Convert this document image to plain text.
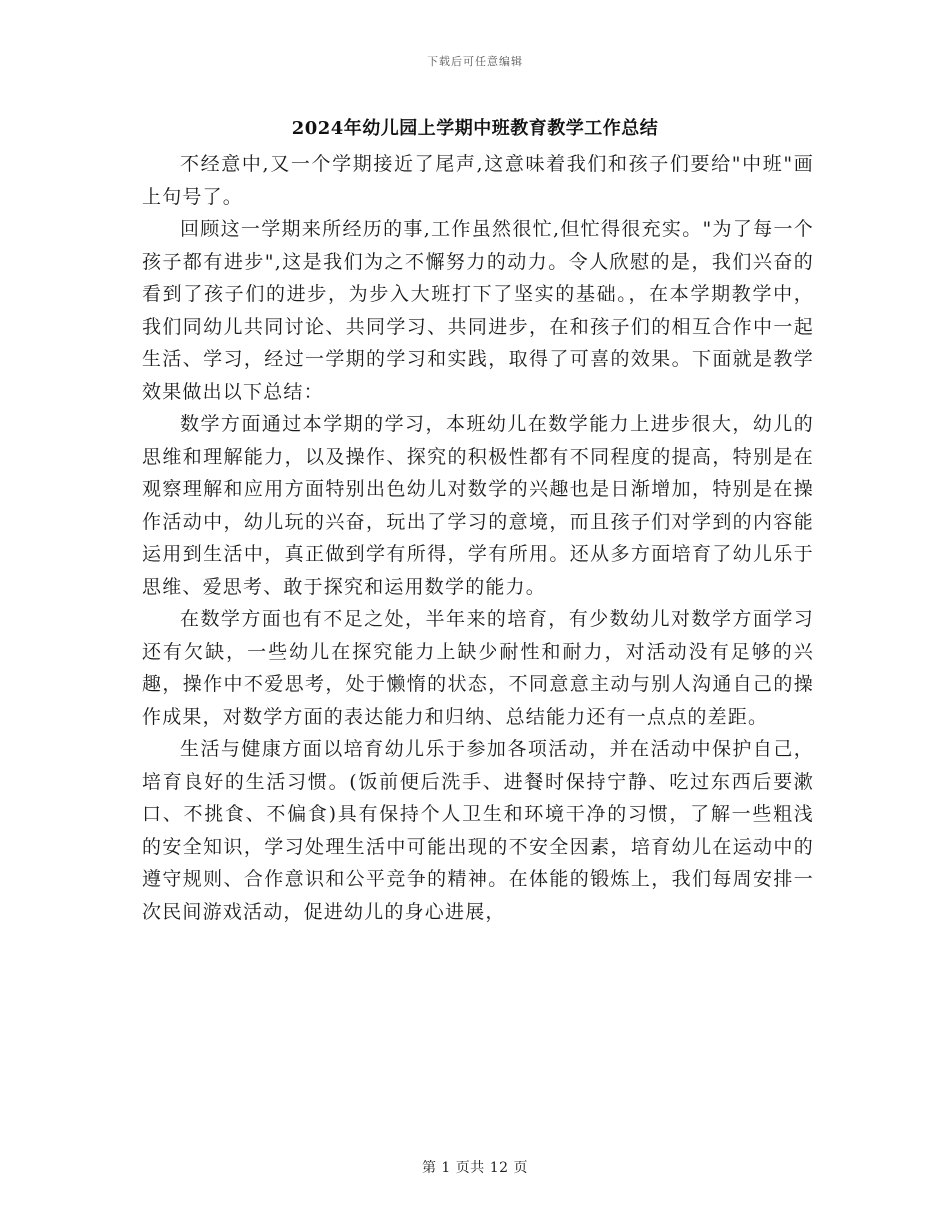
下载后可任意编辑
2024年幼儿园上学期中班教育教学工作总结

不经意中,又一个学期接近了尾声,这意味着我们和孩子们要给"中班"画上句号了。

回顾这一学期来所经历的事,工作虽然很忙,但忙得很充实。"为了每一个孩子都有进步",这是我们为之不懈努力的动力。令人欣慰的是，我们兴奋的看到了孩子们的进步，为步入大班打下了坚实的基础。，在本学期教学中，我们同幼儿共同讨论、共同学习、共同进步，在和孩子们的相互合作中一起生活、学习，经过一学期的学习和实践，取得了可喜的效果。下面就是教学效果做出以下总结：

数学方面通过本学期的学习，本班幼儿在数学能力上进步很大，幼儿的思维和理解能力，以及操作、探究的积极性都有不同程度的提高，特别是在观察理解和应用方面特别出色幼儿对数学的兴趣也是日渐增加，特别是在操作活动中，幼儿玩的兴奋，玩出了学习的意境，而且孩子们对学到的内容能运用到生活中，真正做到学有所得，学有所用。还从多方面培育了幼儿乐于思维、爱思考、敢于探究和运用数学的能力。

在数学方面也有不足之处，半年来的培育，有少数幼儿对数学方面学习还有欠缺，一些幼儿在探究能力上缺少耐性和耐力，对活动没有足够的兴趣，操作中不爱思考，处于懒惰的状态，不同意意主动与别人沟通自己的操作成果，对数学方面的表达能力和归纳、总结能力还有一点点的差距。

生活与健康方面以培育幼儿乐于参加各项活动，并在活动中保护自己，培育良好的生活习惯。(饭前便后洗手、进餐时保持宁静、吃过东西后要漱口、不挑食、不偏食)具有保持个人卫生和环境干净的习惯，了解一些粗浅的安全知识，学习处理生活中可能出现的不安全因素，培育幼儿在运动中的遵守规则、合作意识和公平竞争的精神。在体能的锻炼上，我们每周安排一次民间游戏活动，促进幼儿的身心进展，

第 1 页共 12 页
